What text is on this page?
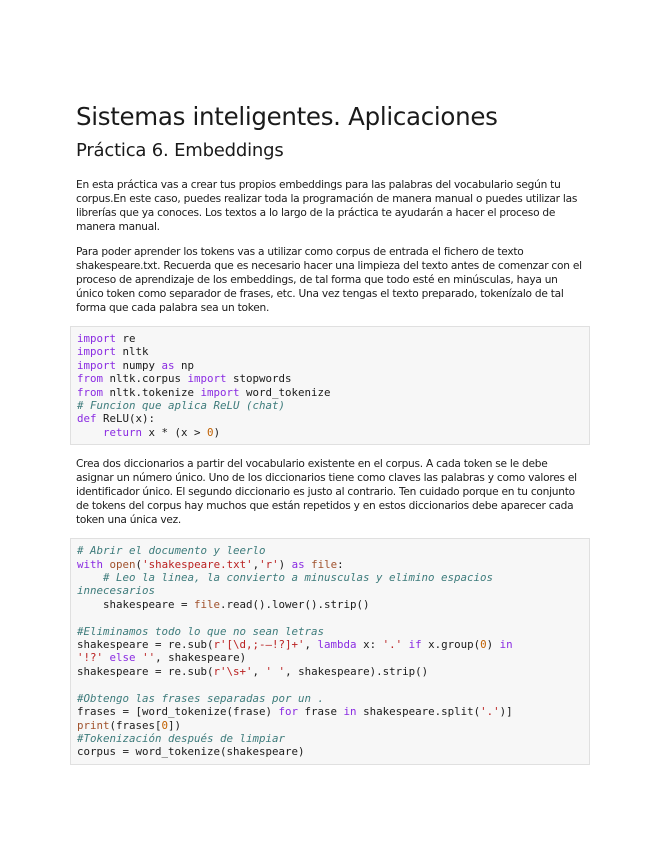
Sistemas inteligentes. Aplicaciones
Práctica 6. Embeddings

En esta práctica vas a crear tus propios embeddings para las palabras del vocabulario según tu corpus.En este caso, puedes realizar toda la programación de manera manual o puedes utilizar las librerías que ya conoces. Los textos a lo largo de la práctica te ayudarán a hacer el proceso de manera manual.

Para poder aprender los tokens vas a utilizar como corpus de entrada el fichero de texto shakespeare.txt. Recuerda que es necesario hacer una limpieza del texto antes de comenzar con el proceso de aprendizaje de los embeddings, de tal forma que todo esté en minúsculas, haya un único token como separador de frases, etc. Una vez tengas el texto preparado, tokenízalo de tal forma que cada palabra sea un token.

import re
import nltk
import numpy as np
from nltk.corpus import stopwords
from nltk.tokenize import word_tokenize
# Funcion que aplica ReLU (chat)
def ReLU(x):
return x * (x > 0)

Crea dos diccionarios a partir del vocabulario existente en el corpus. A cada token se le debe asignar un número único. Uno de los diccionarios tiene como claves las palabras y como valores el identificador único. El segundo diccionario es justo al contrario. Ten cuidado porque en tu conjunto de tokens del corpus hay muchos que están repetidos y en estos diccionarios debe aparecer cada token una única vez.

# Abrir el documento y leerlo
with open('shakespeare.txt','r') as file:
# Leo la linea, la convierto a minusculas y elimino espacios
innecesarios
shakespeare = file.read().lower().strip()
#Eliminamos todo lo que no sean letras
shakespeare = re.sub(r'[\d,;-—!?]+', lambda x: '.' if x.group(0) in
'!?' else '', shakespeare)
shakespeare = re.sub(r'\s+', ' ', shakespeare).strip()
#Obtengo las frases separadas por un .
frases = [word_tokenize(frase) for frase in shakespeare.split('.')]
print(frases[0])
#Tokenización después de limpiar
corpus = word_tokenize(shakespeare)
